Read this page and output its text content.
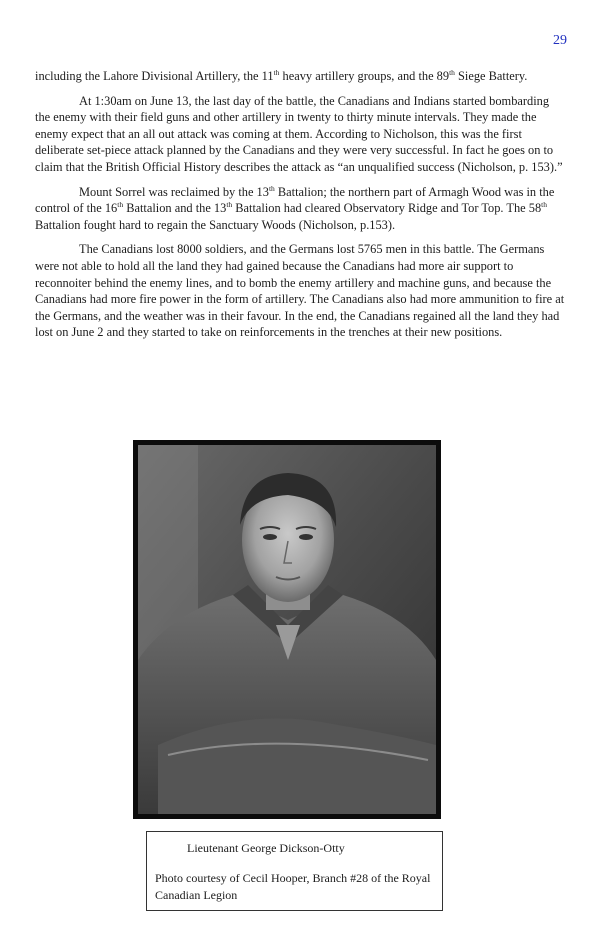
29

including the Lahore Divisional Artillery, the 11th heavy artillery groups, and the 89th Siege Battery.

At 1:30am on June 13, the last day of the battle, the Canadians and Indians started bombarding the enemy with their field guns and other artillery in twenty to thirty minute intervals. They made the enemy expect that an all out attack was coming at them. According to Nicholson, this was the first deliberate set-piece attack planned by the Canadians and they were very successful. In fact he goes on to claim that the British Official History describes the attack as “an unqualified success (Nicholson, p. 153).”

Mount Sorrel was reclaimed by the 13th Battalion; the northern part of Armagh Wood was in the control of the 16th Battalion and the 13th Battalion had cleared Observatory Ridge and Tor Top. The 58th Battalion fought hard to regain the Sanctuary Woods (Nicholson, p.153).

The Canadians lost 8000 soldiers, and the Germans lost 5765 men in this battle. The Germans were not able to hold all the land they had gained because the Canadians had more air support to reconnoiter behind the enemy lines, and to bomb the enemy artillery and machine guns, and because the Canadians had more fire power in the form of artillery. The Canadians also had more ammunition to fire at the Germans, and the weather was in their favour. In the end, the Canadians regained all the land they had lost on June 2 and they started to take on reinforcements in the trenches at their new positions.

Lieutenant George Dickson-Otty
Photo courtesy of Cecil Hooper, Branch #28 of the Royal Canadian Legion
